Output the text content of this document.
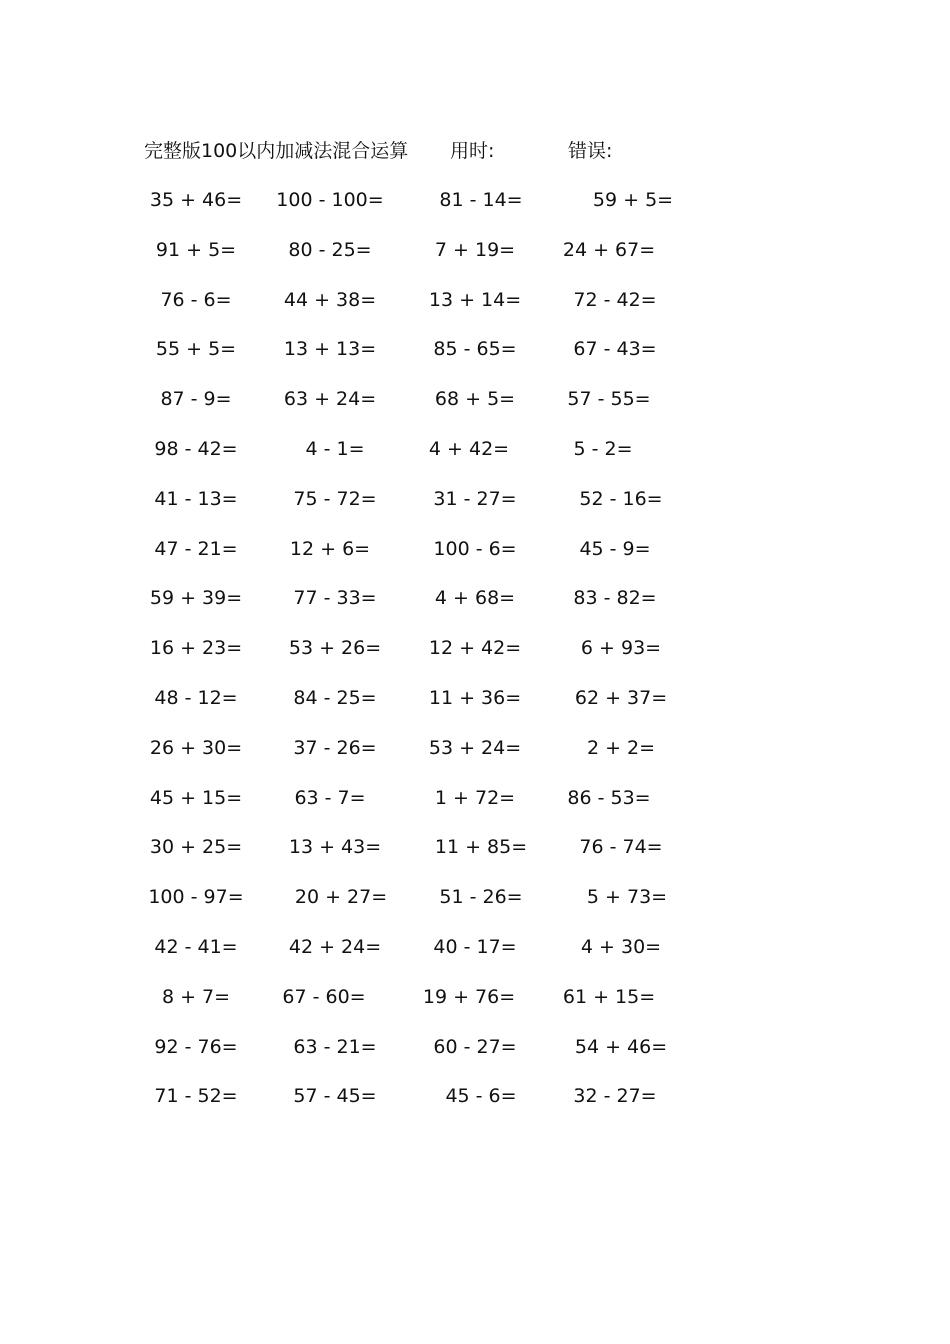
完整版100以内加减法混合运算 用时:	错误:
35 + 46=	100 - 100=	81 - 14=	59 + 5=
91 + 5=	80 - 25=	7 + 19=	24 + 67=
76 - 6=	44 + 38=	13 + 14=	72 - 42=
55 + 5=	13 + 13=	85 - 65=	67 - 43=
87 - 9=	63 + 24=	68 + 5=	57 - 55=
98 - 42=	4 - 1=	4 + 42=	5 - 2=
41 - 13=	75 - 72=	31 - 27=	52 - 16=
47 - 21=	12 + 6=	100 - 6=	45 - 9=
59 + 39=	77 - 33=	4 + 68=	83 - 82=
16 + 23=	53 + 26=	12 + 42=	6 + 93=
48 - 12=	84 - 25=	11 + 36=	62 + 37=
26 + 30=	37 - 26=	53 + 24=	2 + 2=
45 + 15=	63 - 7=	1 + 72=	86 - 53=
30 + 25=	13 + 43=	11 + 85=	76 - 74=
100 - 97=	20 + 27=	51 - 26=	5 + 73=
42 - 41=	42 + 24=	40 - 17=	4 + 30=
8 + 7=	67 - 60=	19 + 76=	61 + 15=
92 - 76=	63 - 21=	60 - 27=	54 + 46=
71 - 52=	57 - 45=	45 - 6=	32 - 27=
